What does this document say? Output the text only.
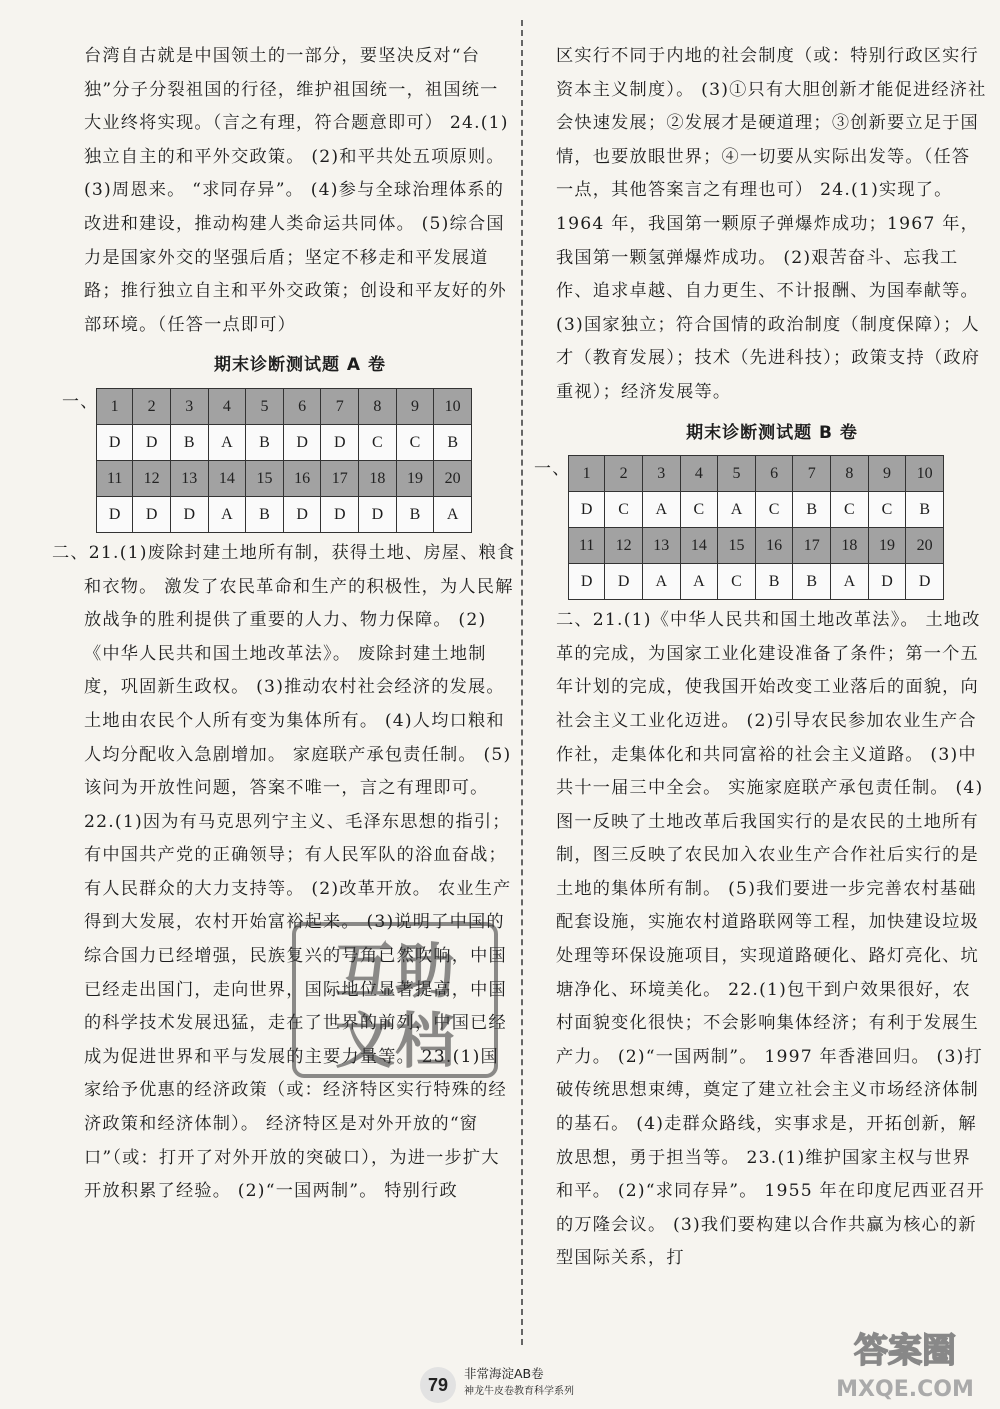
台湾自古就是中国领土的一部分，要坚决反对“台独”分子分裂祖国的行径，维护祖国统一，祖国统一大业终将实现。（言之有理，符合题意即可） 24.(1)独立自主的和平外交政策。 (2)和平共处五项原则。 (3)周恩来。 “求同存异”。 (4)参与全球治理体系的改进和建设，推动构建人类命运共同体。 (5)综合国力是国家外交的坚强后盾；坚定不移走和平发展道路；推行独立自主和平外交政策；创设和平友好的外部环境。（任答一点即可）

期末诊断测试题 A 卷
一、 1	2	3	4	5	6	7	8	9	10
D	D	B	A	B	D	D	C	C	B
11	12	13	14	15	16	17	18	19	20
D	D	D	A	B	D	D	D	B	A

二、21.(1)废除封建土地所有制，获得土地、房屋、粮食和衣物。 激发了农民革命和生产的积极性，为人民解放战争的胜利提供了重要的人力、物力保障。 (2)《中华人民共和国土地改革法》。 废除封建土地制度，巩固新生政权。 (3)推动农村社会经济的发展。 土地由农民个人所有变为集体所有。 (4)人均口粮和人均分配收入急剧增加。 家庭联产承包责任制。 (5)该问为开放性问题，答案不唯一，言之有理即可。 22.(1)因为有马克思列宁主义、毛泽东思想的指引；有中国共产党的正确领导；有人民军队的浴血奋战；有人民群众的大力支持等。 (2)改革开放。 农业生产得到大发展，农村开始富裕起来。 (3)说明了中国的综合国力已经增强，民族复兴的号角已然吹响，中国已经走出国门，走向世界，国际地位显著提高，中国的科学技术发展迅猛，走在了世界的前列，中国已经成为促进世界和平与发展的主要力量等。 23.(1)国家给予优惠的经济政策（或：经济特区实行特殊的经济政策和经济体制）。 经济特区是对外开放的“窗口”（或：打开了对外开放的突破口），为进一步扩大开放积累了经验。 (2)“一国两制”。 特别行政

区实行不同于内地的社会制度（或：特别行政区实行资本主义制度）。 (3)①只有大胆创新才能促进经济社会快速发展；②发展才是硬道理；③创新要立足于国情，也要放眼世界；④一切要从实际出发等。（任答一点，其他答案言之有理也可） 24.(1)实现了。 1964 年，我国第一颗原子弹爆炸成功；1967 年，我国第一颗氢弹爆炸成功。 (2)艰苦奋斗、忘我工作、追求卓越、自力更生、不计报酬、为国奉献等。 (3)国家独立；符合国情的政治制度（制度保障）；人才（教育发展）；技术（先进科技）；政策支持（政府重视）；经济发展等。

期末诊断测试题 B 卷
一、 1	2	3	4	5	6	7	8	9	10
D	C	A	C	A	C	B	C	C	B
11	12	13	14	15	16	17	18	19	20
D	D	A	A	C	B	B	A	D	D

二、21.(1)《中华人民共和国土地改革法》。 土地改革的完成，为国家工业化建设准备了条件；第一个五年计划的完成，使我国开始改变工业落后的面貌，向社会主义工业化迈进。 (2)引导农民参加农业生产合作社，走集体化和共同富裕的社会主义道路。 (3)中共十一届三中全会。 实施家庭联产承包责任制。 (4)图一反映了土地改革后我国实行的是农民的土地所有制，图三反映了农民加入农业生产合作社后实行的是土地的集体所有制。 (5)我们要进一步完善农村基础配套设施，实施农村道路联网等工程，加快建设垃圾处理等环保设施项目，实现道路硬化、路灯亮化、坑塘净化、环境美化。 22.(1)包干到户效果很好，农村面貌变化很快；不会影响集体经济；有利于发展生产力。 (2)“一国两制”。 1997 年香港回归。 (3)打破传统思想束缚，奠定了建立社会主义市场经济体制的基石。 (4)走群众路线，实事求是，开拓创新，解放思想，勇于担当等。 23.(1)维护国家主权与世界和平。 (2)“求同存异”。 1955 年在印度尼西亚召开的万隆会议。 (3)我们要构建以合作共赢为核心的新型国际关系，打

互助
文档
79
非常海淀AB卷
神龙牛皮卷教育科学系列
答案圈
MXQE.COM
